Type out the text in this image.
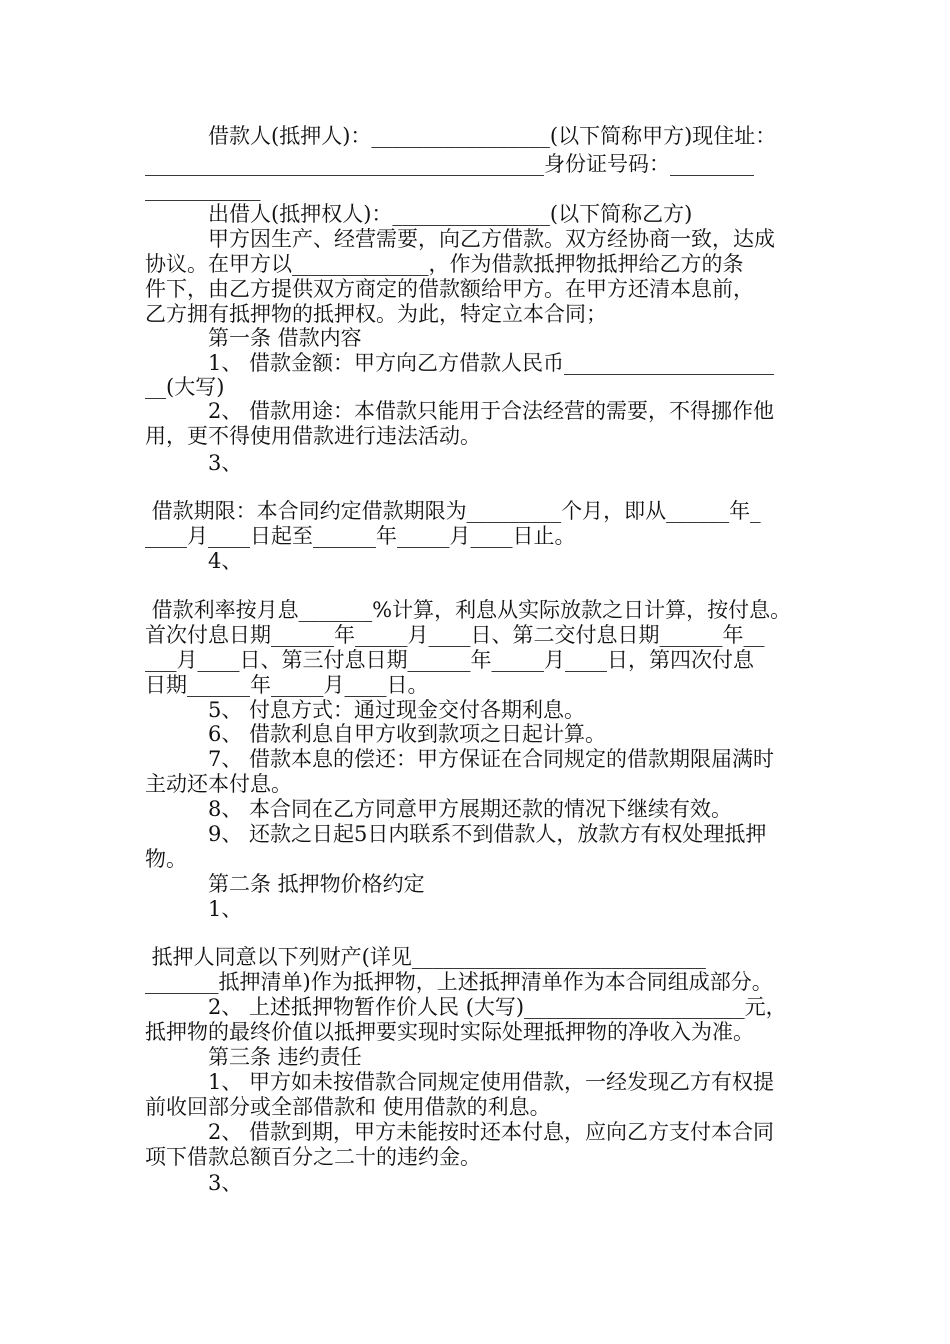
　　　借款人(抵押人)：_________________(以下简称甲方)现住址：
______________________________________身份证号码：________
___________
　　　出借人(抵押权人)：_______________(以下简称乙方)
　　　甲方因生产、经营需要，向乙方借款。双方经协商一致，达成
协议。在甲方以_____________，作为借款抵押物抵押给乙方的条
件下，由乙方提供双方商定的借款额给甲方。在甲方还清本息前，
乙方拥有抵押物的抵押权。为此，特定立本合同；
　　　第一条 借款内容
　　　1、 借款金额：甲方向乙方借款人民币____________________
__(大写)
　　　2、 借款用途：本借款只能用于合法经营的需要，不得挪作他
用，更不得使用借款进行违法活动。
　　　3、
借款期限：本合同约定借款期限为_________个月，即从______年_
____月____日起至______年_____月____日止。
　　　4、
借款利率按月息_______%计算，利息从实际放款之日计算，按付息。
首次付息日期______年_____月____日、第二交付息日期______年__
___月____日、第三付息日期______年_____月____日，第四次付息
日期______年_____月____日。
　　　5、 付息方式：通过现金交付各期利息。
　　　6、 借款利息自甲方收到款项之日起计算。
　　　7、 借款本息的偿还：甲方保证在合同规定的借款期限届满时
主动还本付息。
　　　8、 本合同在乙方同意甲方展期还款的情况下继续有效。
　　　9、 还款之日起5日内联系不到借款人，放款方有权处理抵押
物。
　　　第二条 抵押物价格约定
　　　1、
抵押人同意以下列财产(详见____________________________
_______抵押清单)作为抵押物，上述抵押清单作为本合同组成部分。
　　　2、 上述抵押物暂作价人民 (大写)_____________________元，
抵押物的最终价值以抵押要实现时实际处理抵押物的净收入为准。
　　　第三条 违约责任
　　　1、 甲方如未按借款合同规定使用借款，一经发现乙方有权提
前收回部分或全部借款和 使用借款的利息。
　　　2、 借款到期，甲方未能按时还本付息，应向乙方支付本合同
项下借款总额百分之二十的违约金。
　　　3、
